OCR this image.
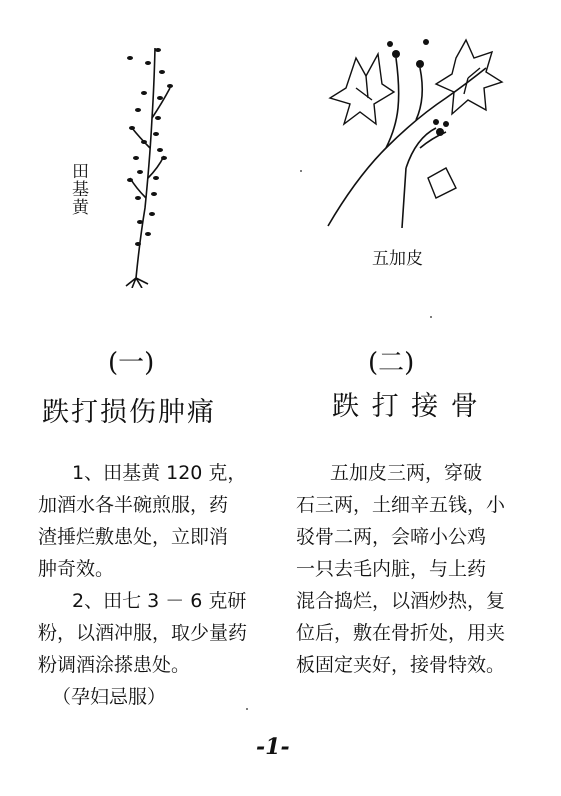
田基黄
五加皮
(一)
跌打损伤肿痛
1、田基黄 120 克，
加酒水各半碗煎服，药
渣捶烂敷患处，立即消
肿奇效。
2、田七 3 － 6 克研
粉，以酒冲服，取少量药
粉调酒涂搽患处。
（孕妇忌服）
(二)
跌 打 接 骨
五加皮三两，穿破
石三两，土细辛五钱，小
驳骨二两，会啼小公鸡
一只去毛内脏，与上药
混合捣烂，以酒炒热，复
位后，敷在骨折处，用夹
板固定夹好，接骨特效。
-1-
